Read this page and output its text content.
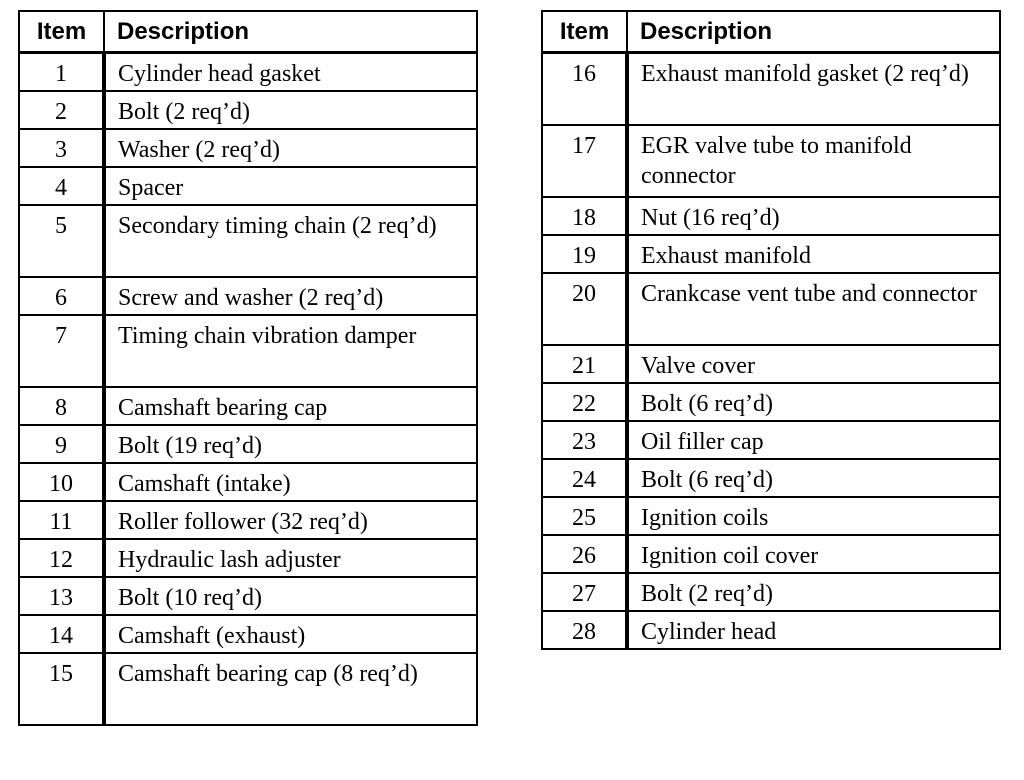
Item	Description
1	Cylinder head gasket
2	Bolt (2 req’d)
3	Washer (2 req’d)
4	Spacer
5	Secondary timing chain (2 req’d)
6	Screw and washer (2 req’d)
7	Timing chain vibration damper
8	Camshaft bearing cap
9	Bolt (19 req’d)
10	Camshaft (intake)
11	Roller follower (32 req’d)
12	Hydraulic lash adjuster
13	Bolt (10 req’d)
14	Camshaft (exhaust)
15	Camshaft bearing cap (8 req’d)
Item	Description
16	Exhaust manifold gasket (2 req’d)
17	EGR valve tube to manifold connector
18	Nut (16 req’d)
19	Exhaust manifold
20	Crankcase vent tube and connector
21	Valve cover
22	Bolt (6 req’d)
23	Oil filler cap
24	Bolt (6 req’d)
25	Ignition coils
26	Ignition coil cover
27	Bolt (2 req’d)
28	Cylinder head
